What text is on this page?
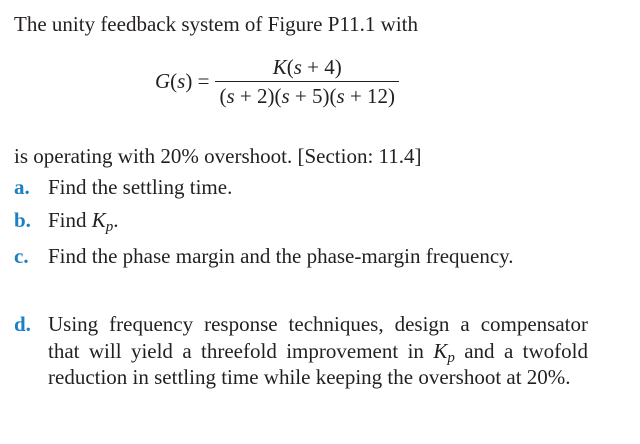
The unity feedback system of Figure P11.1 with
$G(s) = \frac{K(s + 4)}{(s + 2)(s + 5)(s + 12)}$
is operating with 20% overshoot. [Section: 11.4]
a. Find the settling time.
b. Find $K_p$.
c. Find the phase margin and the phase-margin frequency.
d. Using frequency response techniques, design a compensator that will yield a threefold improvement in $K_p$ and a twofold reduction in settling time while keeping the overshoot at 20%.
